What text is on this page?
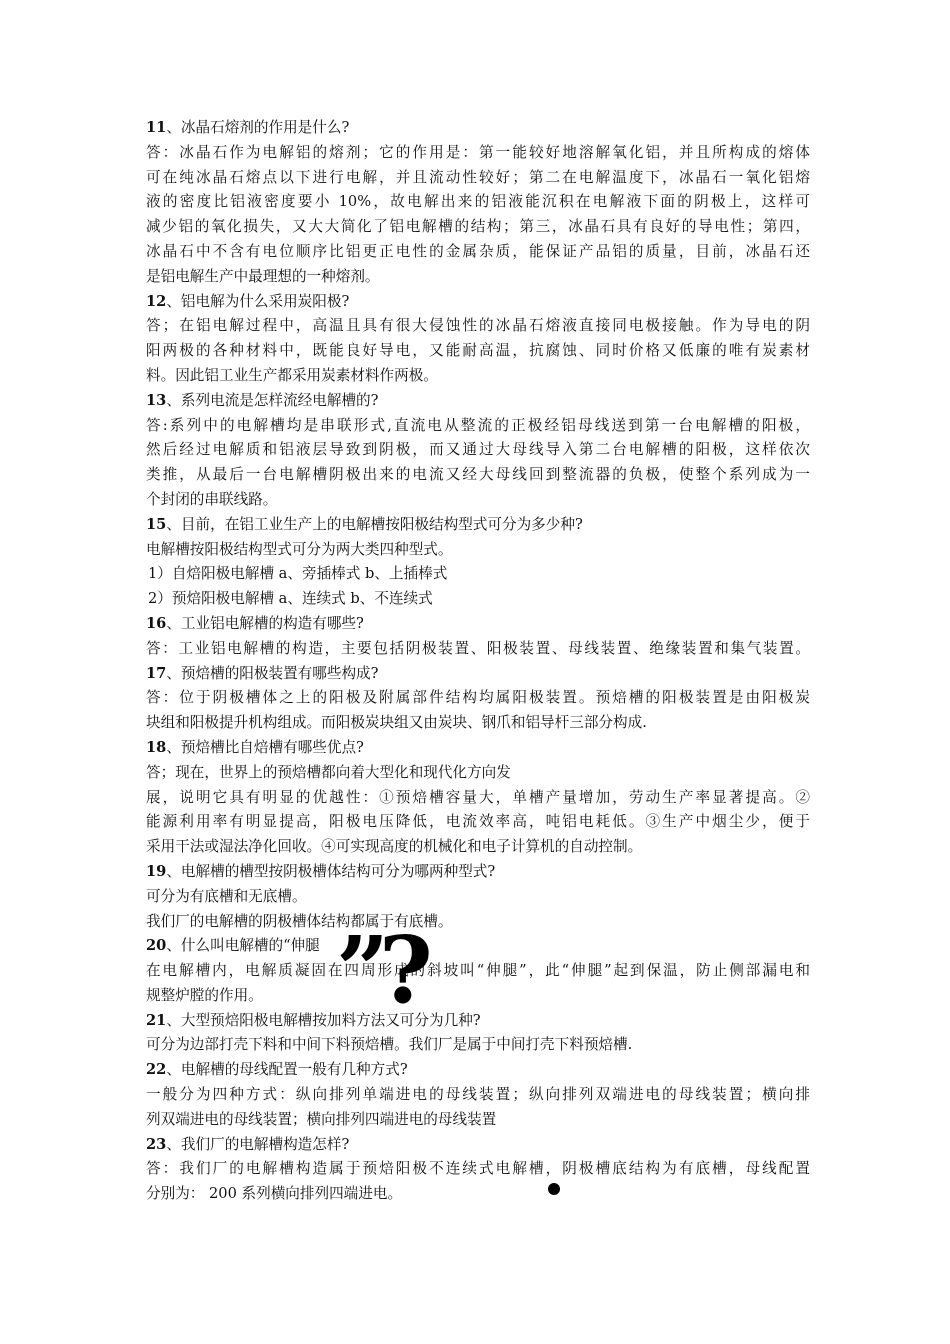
11、冰晶石熔剂的作用是什么?
答：冰晶石作为电解铝的熔剂；它的作用是：第一能较好地溶解氧化铝，并且所构成的熔体
可在纯冰晶石熔点以下进行电解，并且流动性较好；第二在电解温度下，冰晶石一氧化铝熔
液的密度比铝液密度要小 10%，故电解出来的铝液能沉积在电解液下面的阴极上，这样可
减少铝的氧化损失，又大大简化了铝电解槽的结构；第三，冰晶石具有良好的导电性；第四，
冰晶石中不含有电位顺序比铝更正电性的金属杂质，能保证产品铝的质量，目前，冰晶石还
是铝电解生产中最理想的一种熔剂。
12、铝电解为什么采用炭阳极?
答；在铝电解过程中，高温且具有很大侵蚀性的冰晶石熔液直接同电极接触。作为导电的阴
阳两极的各种材料中，既能良好导电，又能耐高温，抗腐蚀、同时价格又低廉的唯有炭素材
料。因此铝工业生产都采用炭素材料作两极。
13、系列电流是怎样流经电解槽的?
答:系列中的电解槽均是串联形式,直流电从整流的正极经铝母线送到第一台电解槽的阳极，
然后经过电解质和铝液层导致到阴极，而又通过大母线导入第二台电解槽的阳极，这样依次
类推，从最后一台电解槽阴极出来的电流又经大母线回到整流器的负极，使整个系列成为一
个封闭的串联线路。
15、目前，在铝工业生产上的电解槽按阳极结构型式可分为多少种?
电解槽按阳极结构型式可分为两大类四种型式。
1）自焙阳极电解槽 a、旁插棒式 b、上插棒式
2）预焙阳极电解槽 a、连续式 b、不连续式
16、工业铝电解槽的构造有哪些?
答：工业铝电解槽的构造，主要包括阴极装置、阳极装置、母线装置、绝缘装置和集气装置。
17、预焙槽的阳极装置有哪些构成?
答：位于阴极槽体之上的阳极及附属部件结构均属阳极装置。预焙槽的阳极装置是由阳极炭
块组和阳极提升机构组成。而阳极炭块组又由炭块、钢爪和铝导杆三部分构成.
18、预焙槽比自焙槽有哪些优点?
答；现在，世界上的预焙槽都向着大型化和现代化方向发
展，说明它具有明显的优越性：①预焙槽容量大，单槽产量增加，劳动生产率显著提高。②
能源利用率有明显提高，阳极电压降低，电流效率高，吨铝电耗低。③生产中烟尘少，便于
采用干法或湿法净化回收。④可实现高度的机械化和电子计算机的自动控制。
19、电解槽的槽型按阴极槽体结构可分为哪两种型式?
可分为有底槽和无底槽。
我们厂的电解槽的阴极槽体结构都属于有底槽。
20、什么叫电解槽的“伸腿
在电解槽内，电解质凝固在四周形成的斜坡叫“伸腿”，此“伸腿”起到保温，防止侧部漏电和
规整炉膛的作用。
21、大型预焙阳极电解槽按加料方法又可分为几种?
可分为边部打壳下料和中间下料预焙槽。我们厂是属于中间打壳下料预焙槽.
22、电解槽的母线配置一般有几种方式?
一般分为四种方式：纵向排列单端进电的母线装置；纵向排列双端进电的母线装置；横向排
列双端进电的母线装置；横向排列四端进电的母线装置
23、我们厂的电解槽构造怎样?
答：我们厂的电解槽构造属于预焙阳极不连续式电解槽，阴极槽底结构为有底槽，母线配置
分别为： 200 系列横向排列四端进电。
”?
